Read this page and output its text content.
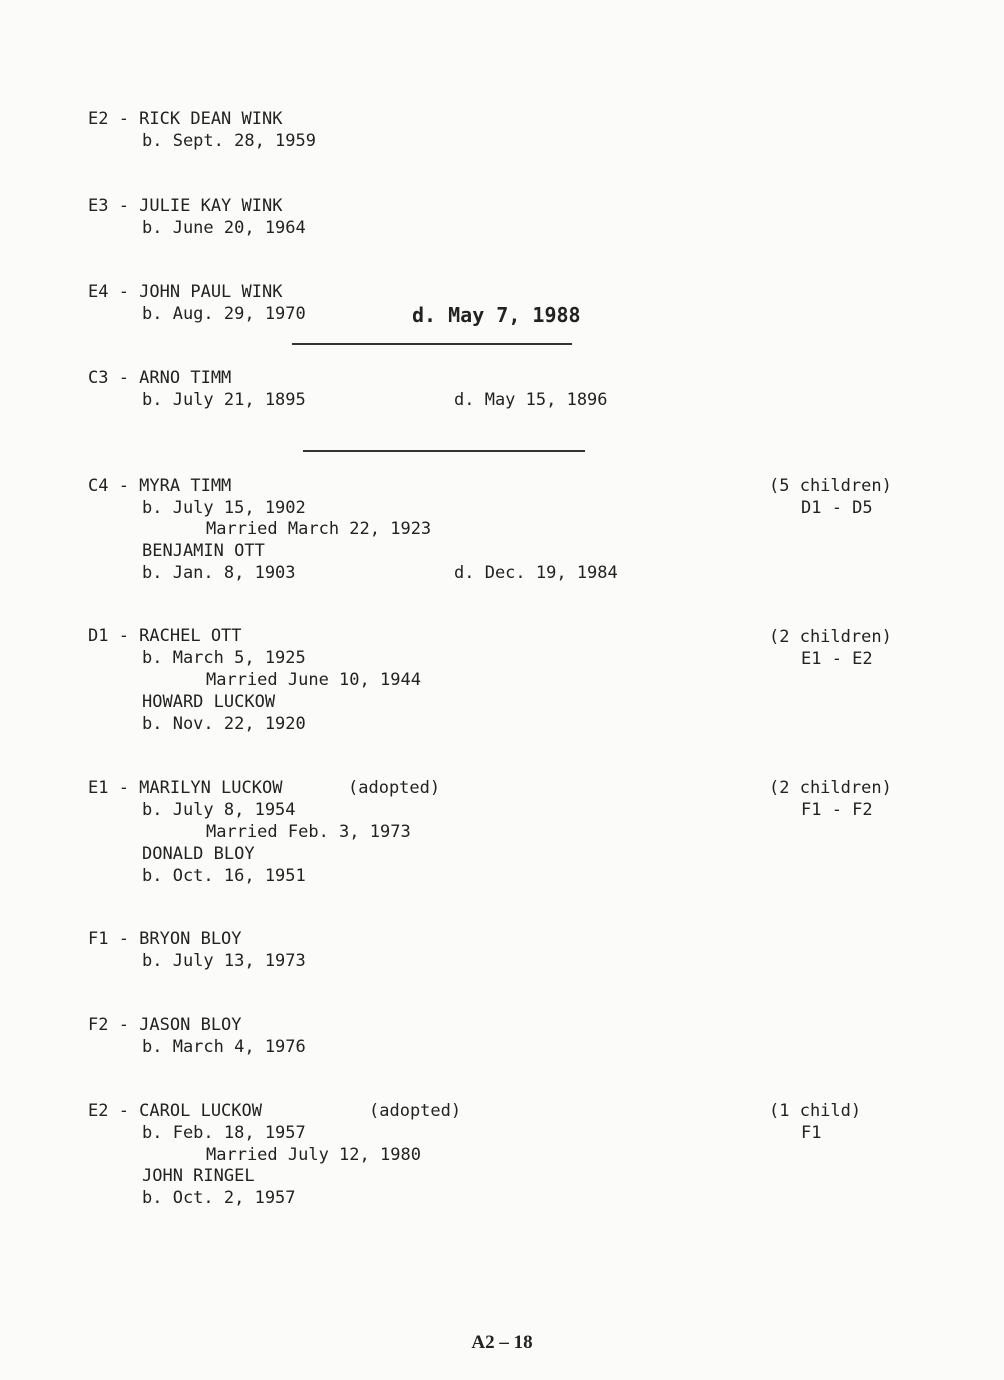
E2 - RICK DEAN WINK
b. Sept. 28, 1959
E3 - JULIE KAY WINK
b. June 20, 1964
E4 - JOHN PAUL WINK
b. Aug. 29, 1970	d. May 7, 1988
C3 - ARNO TIMM
b. July 21, 1895	d. May 15, 1896
C4 - MYRA TIMM
b. July 15, 1902
Married March 22, 1923
BENJAMIN OTT
b. Jan. 8, 1903	d. Dec. 19, 1984
(5 children)
D1 - D5
D1 - RACHEL OTT
b. March 5, 1925
Married June 10, 1944
HOWARD LUCKOW
b. Nov. 22, 1920
(2 children)
E1 - E2
E1 - MARILYN LUCKOW	(adopted)
b. July 8, 1954
Married Feb. 3, 1973
DONALD BLOY
b. Oct. 16, 1951
(2 children)
F1 - F2
F1 - BRYON BLOY
b. July 13, 1973
F2 - JASON BLOY
b. March 4, 1976
E2 - CAROL LUCKOW	(adopted)
b. Feb. 18, 1957
Married July 12, 1980
JOHN RINGEL
b. Oct. 2, 1957
(1 child)
F1
A2 – 18
